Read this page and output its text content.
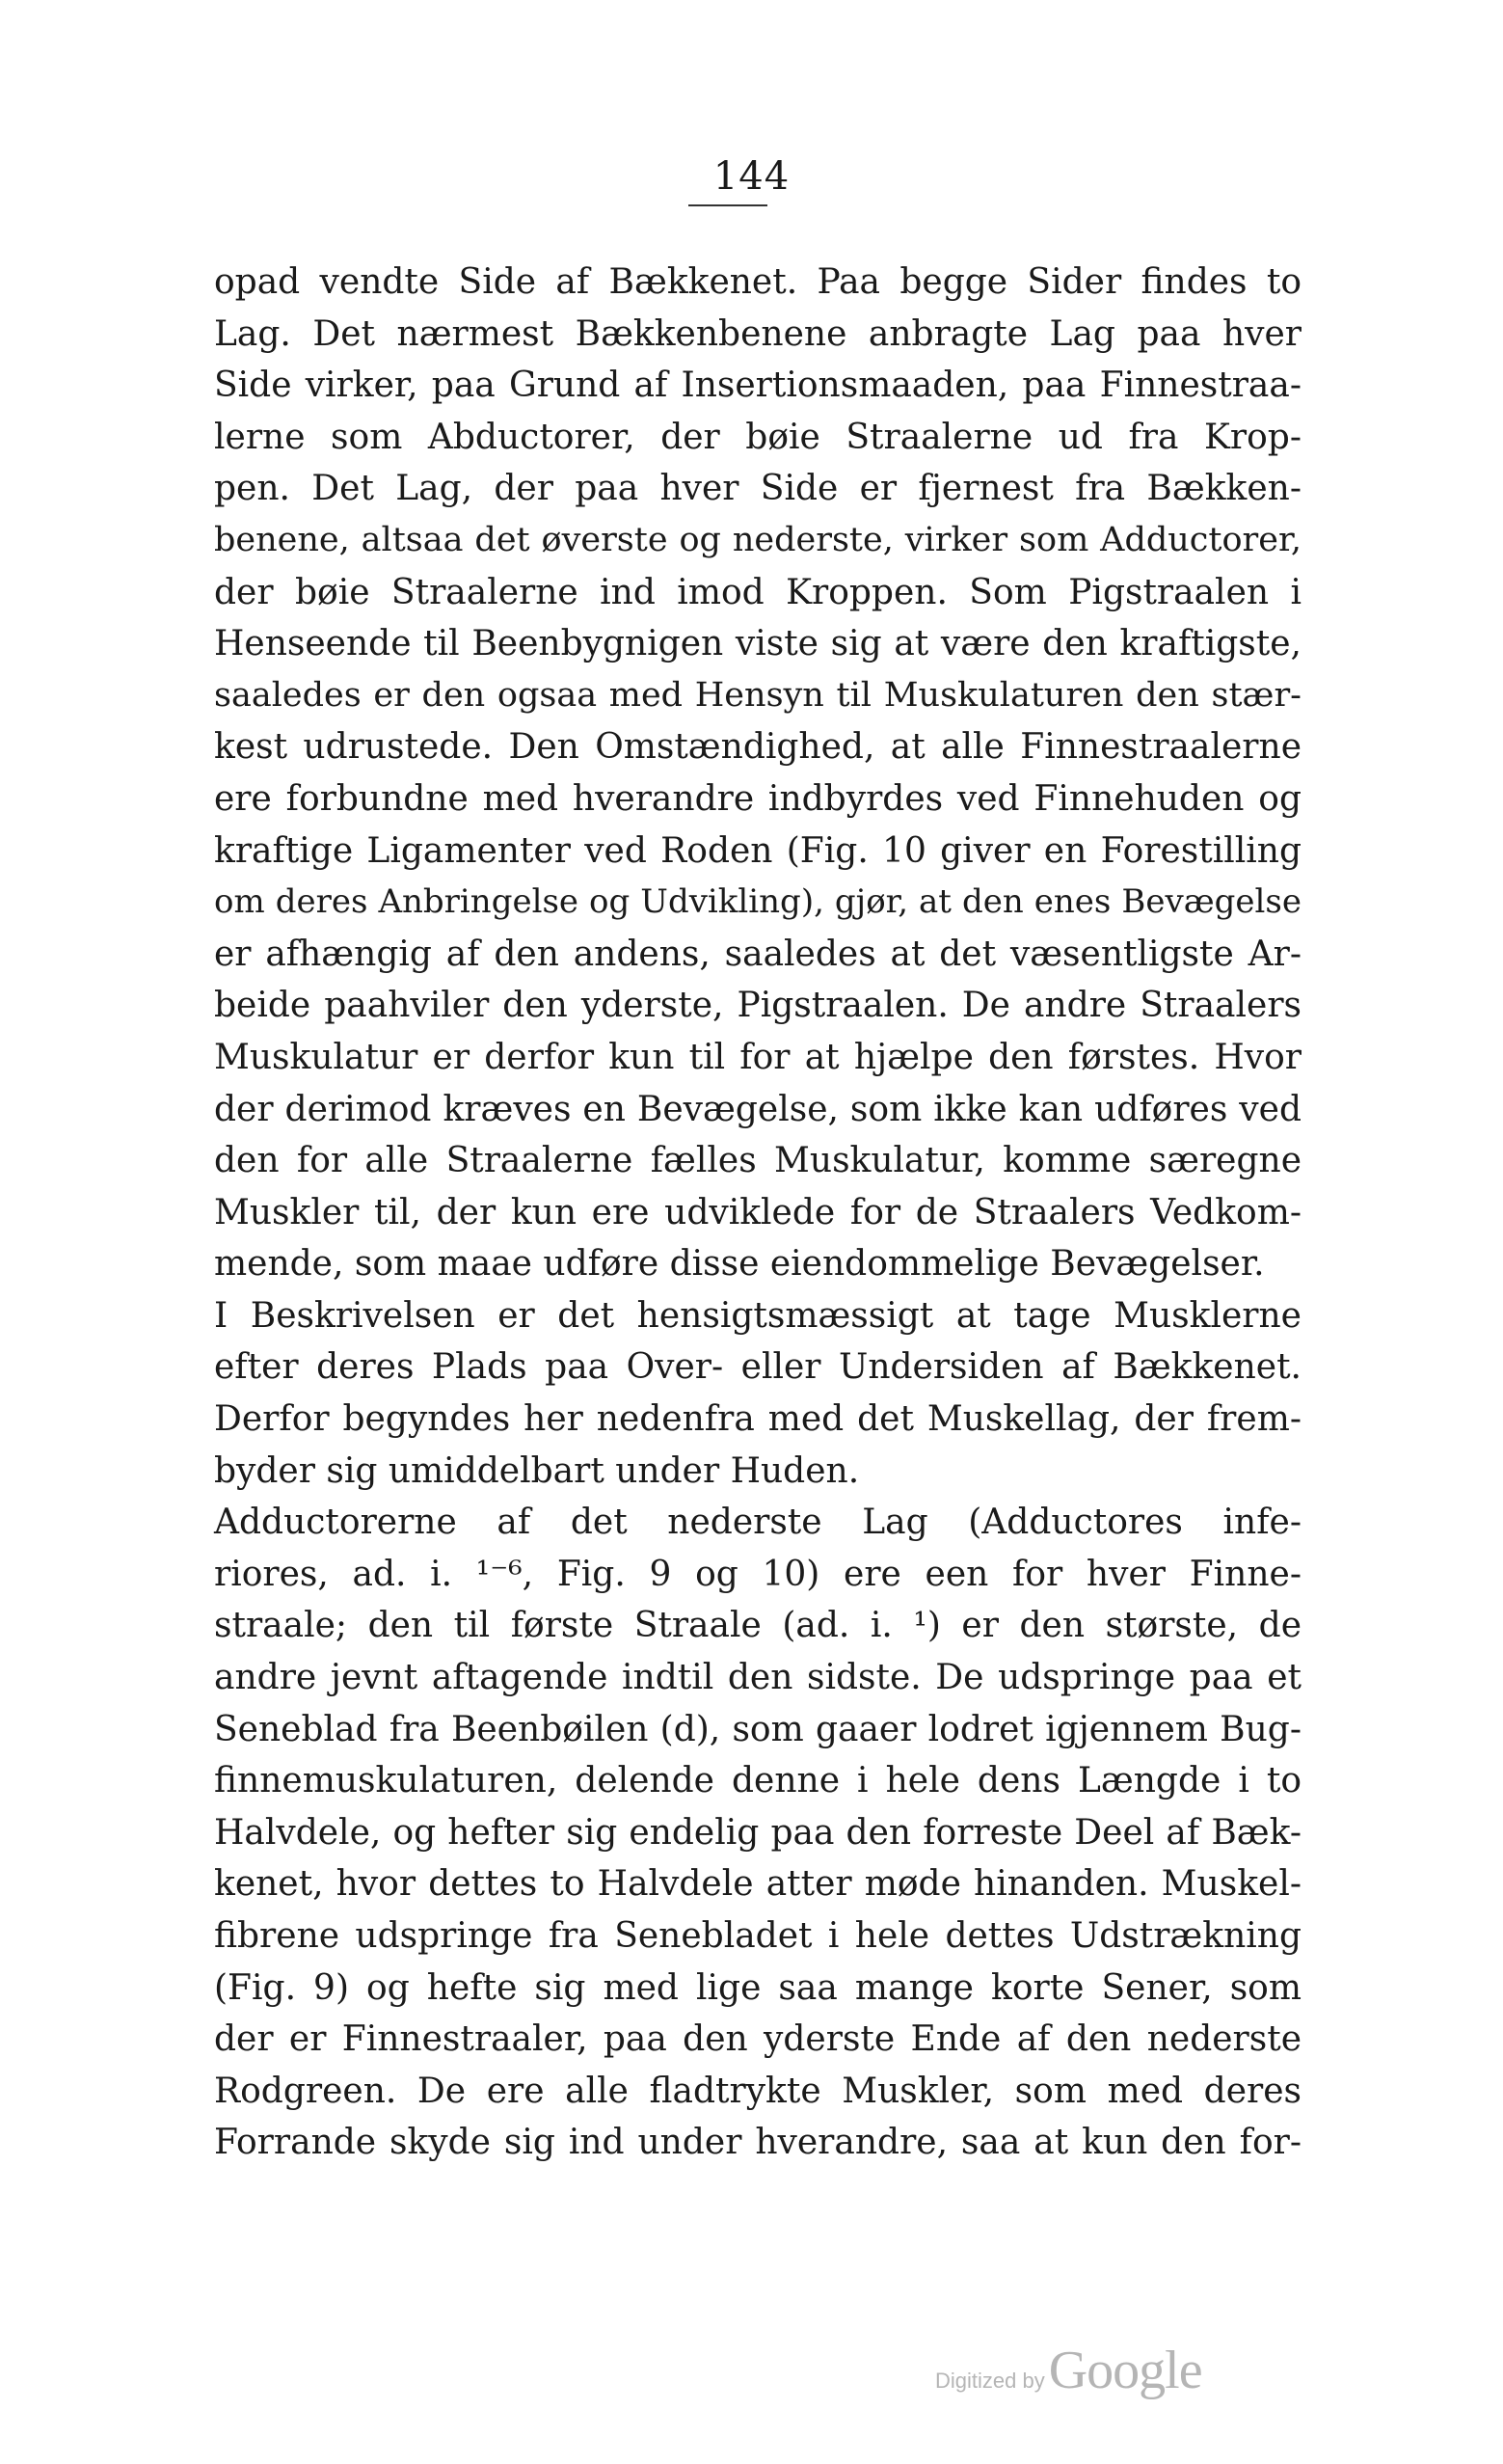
144
opad vendte Side af Bækkenet. Paa begge Sider findes to
Lag. Det nærmest Bækkenbenene anbragte Lag paa hver
Side virker, paa Grund af Insertionsmaaden, paa Finnestraa-
lerne som Abductorer, der bøie Straalerne ud fra Krop-
pen. Det Lag, der paa hver Side er fjernest fra Bækken-
benene, altsaa det øverste og nederste, virker som Adductorer,
der bøie Straalerne ind imod Kroppen. Som Pigstraalen i
Henseende til Beenbygnigen viste sig at være den kraftigste,
saaledes er den ogsaa med Hensyn til Muskulaturen den stær-
kest udrustede. Den Omstændighed, at alle Finnestraalerne
ere forbundne med hverandre indbyrdes ved Finnehuden og
kraftige Ligamenter ved Roden (Fig. 10 giver en Forestilling
om deres Anbringelse og Udvikling), gjør, at den enes Bevægelse
er afhængig af den andens, saaledes at det væsentligste Ar-
beide paahviler den yderste, Pigstraalen. De andre Straalers
Muskulatur er derfor kun til for at hjælpe den førstes. Hvor
der derimod kræves en Bevægelse, som ikke kan udføres ved
den for alle Straalerne fælles Muskulatur, komme særegne
Muskler til, der kun ere udviklede for de Straalers Vedkom-
mende, som maae udføre disse eiendommelige Bevægelser.
I Beskrivelsen er det hensigtsmæssigt at tage Musklerne
efter deres Plads paa Over- eller Undersiden af Bækkenet.
Derfor begyndes her nedenfra med det Muskellag, der frem-
byder sig umiddelbart under Huden.
Adductorerne af det nederste Lag (Adductores infe-
riores, ad. i. ¹⁻⁶, Fig. 9 og 10) ere een for hver Finne-
straale; den til første Straale (ad. i. ¹) er den største, de
andre jevnt aftagende indtil den sidste. De udspringe paa et
Seneblad fra Beenbøilen (d), som gaaer lodret igjennem Bug-
finnemuskulaturen, delende denne i hele dens Længde i to
Halvdele, og hefter sig endelig paa den forreste Deel af Bæk-
kenet, hvor dettes to Halvdele atter møde hinanden. Muskel-
fibrene udspringe fra Senebladet i hele dettes Udstrækning
(Fig. 9) og hefte sig med lige saa mange korte Sener, som
der er Finnestraaler, paa den yderste Ende af den nederste
Rodgreen. De ere alle fladtrykte Muskler, som med deres
Forrande skyde sig ind under hverandre, saa at kun den for-
Digitized by Google
